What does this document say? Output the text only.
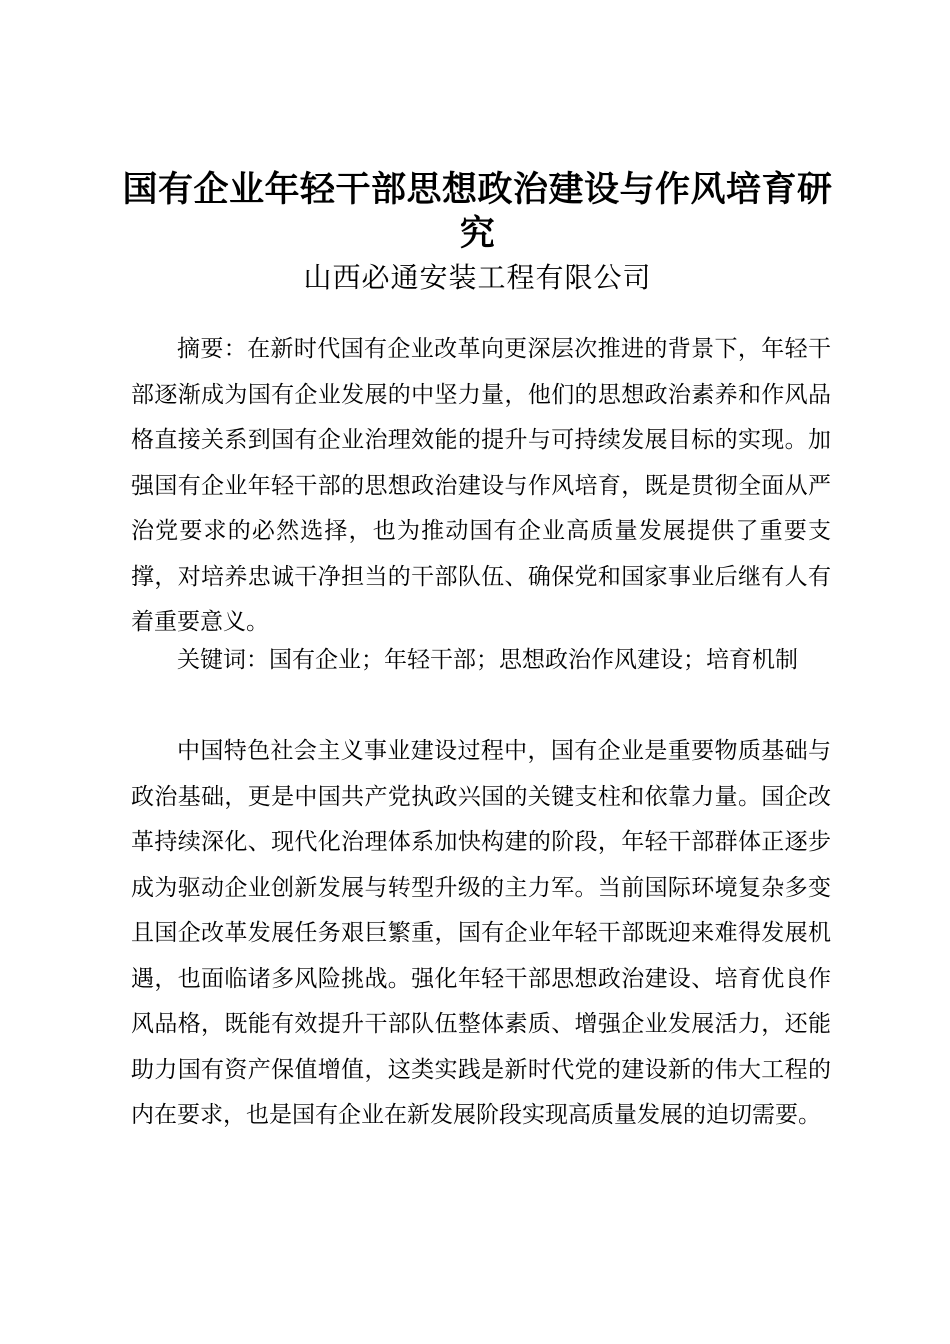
国有企业年轻干部思想政治建设与作风培育研究

山西必通安装工程有限公司

摘要：在新时代国有企业改革向更深层次推进的背景下，年轻干部逐渐成为国有企业发展的中坚力量，他们的思想政治素养和作风品格直接关系到国有企业治理效能的提升与可持续发展目标的实现。加强国有企业年轻干部的思想政治建设与作风培育，既是贯彻全面从严治党要求的必然选择，也为推动国有企业高质量发展提供了重要支撑，对培养忠诚干净担当的干部队伍、确保党和国家事业后继有人有着重要意义。

关键词：国有企业；年轻干部；思想政治作风建设；培育机制

中国特色社会主义事业建设过程中，国有企业是重要物质基础与政治基础，更是中国共产党执政兴国的关键支柱和依靠力量。国企改革持续深化、现代化治理体系加快构建的阶段，年轻干部群体正逐步成为驱动企业创新发展与转型升级的主力军。当前国际环境复杂多变且国企改革发展任务艰巨繁重，国有企业年轻干部既迎来难得发展机遇，也面临诸多风险挑战。强化年轻干部思想政治建设、培育优良作风品格，既能有效提升干部队伍整体素质、增强企业发展活力，还能助力国有资产保值增值，这类实践是新时代党的建设新的伟大工程的内在要求，也是国有企业在新发展阶段实现高质量发展的迫切需要。
